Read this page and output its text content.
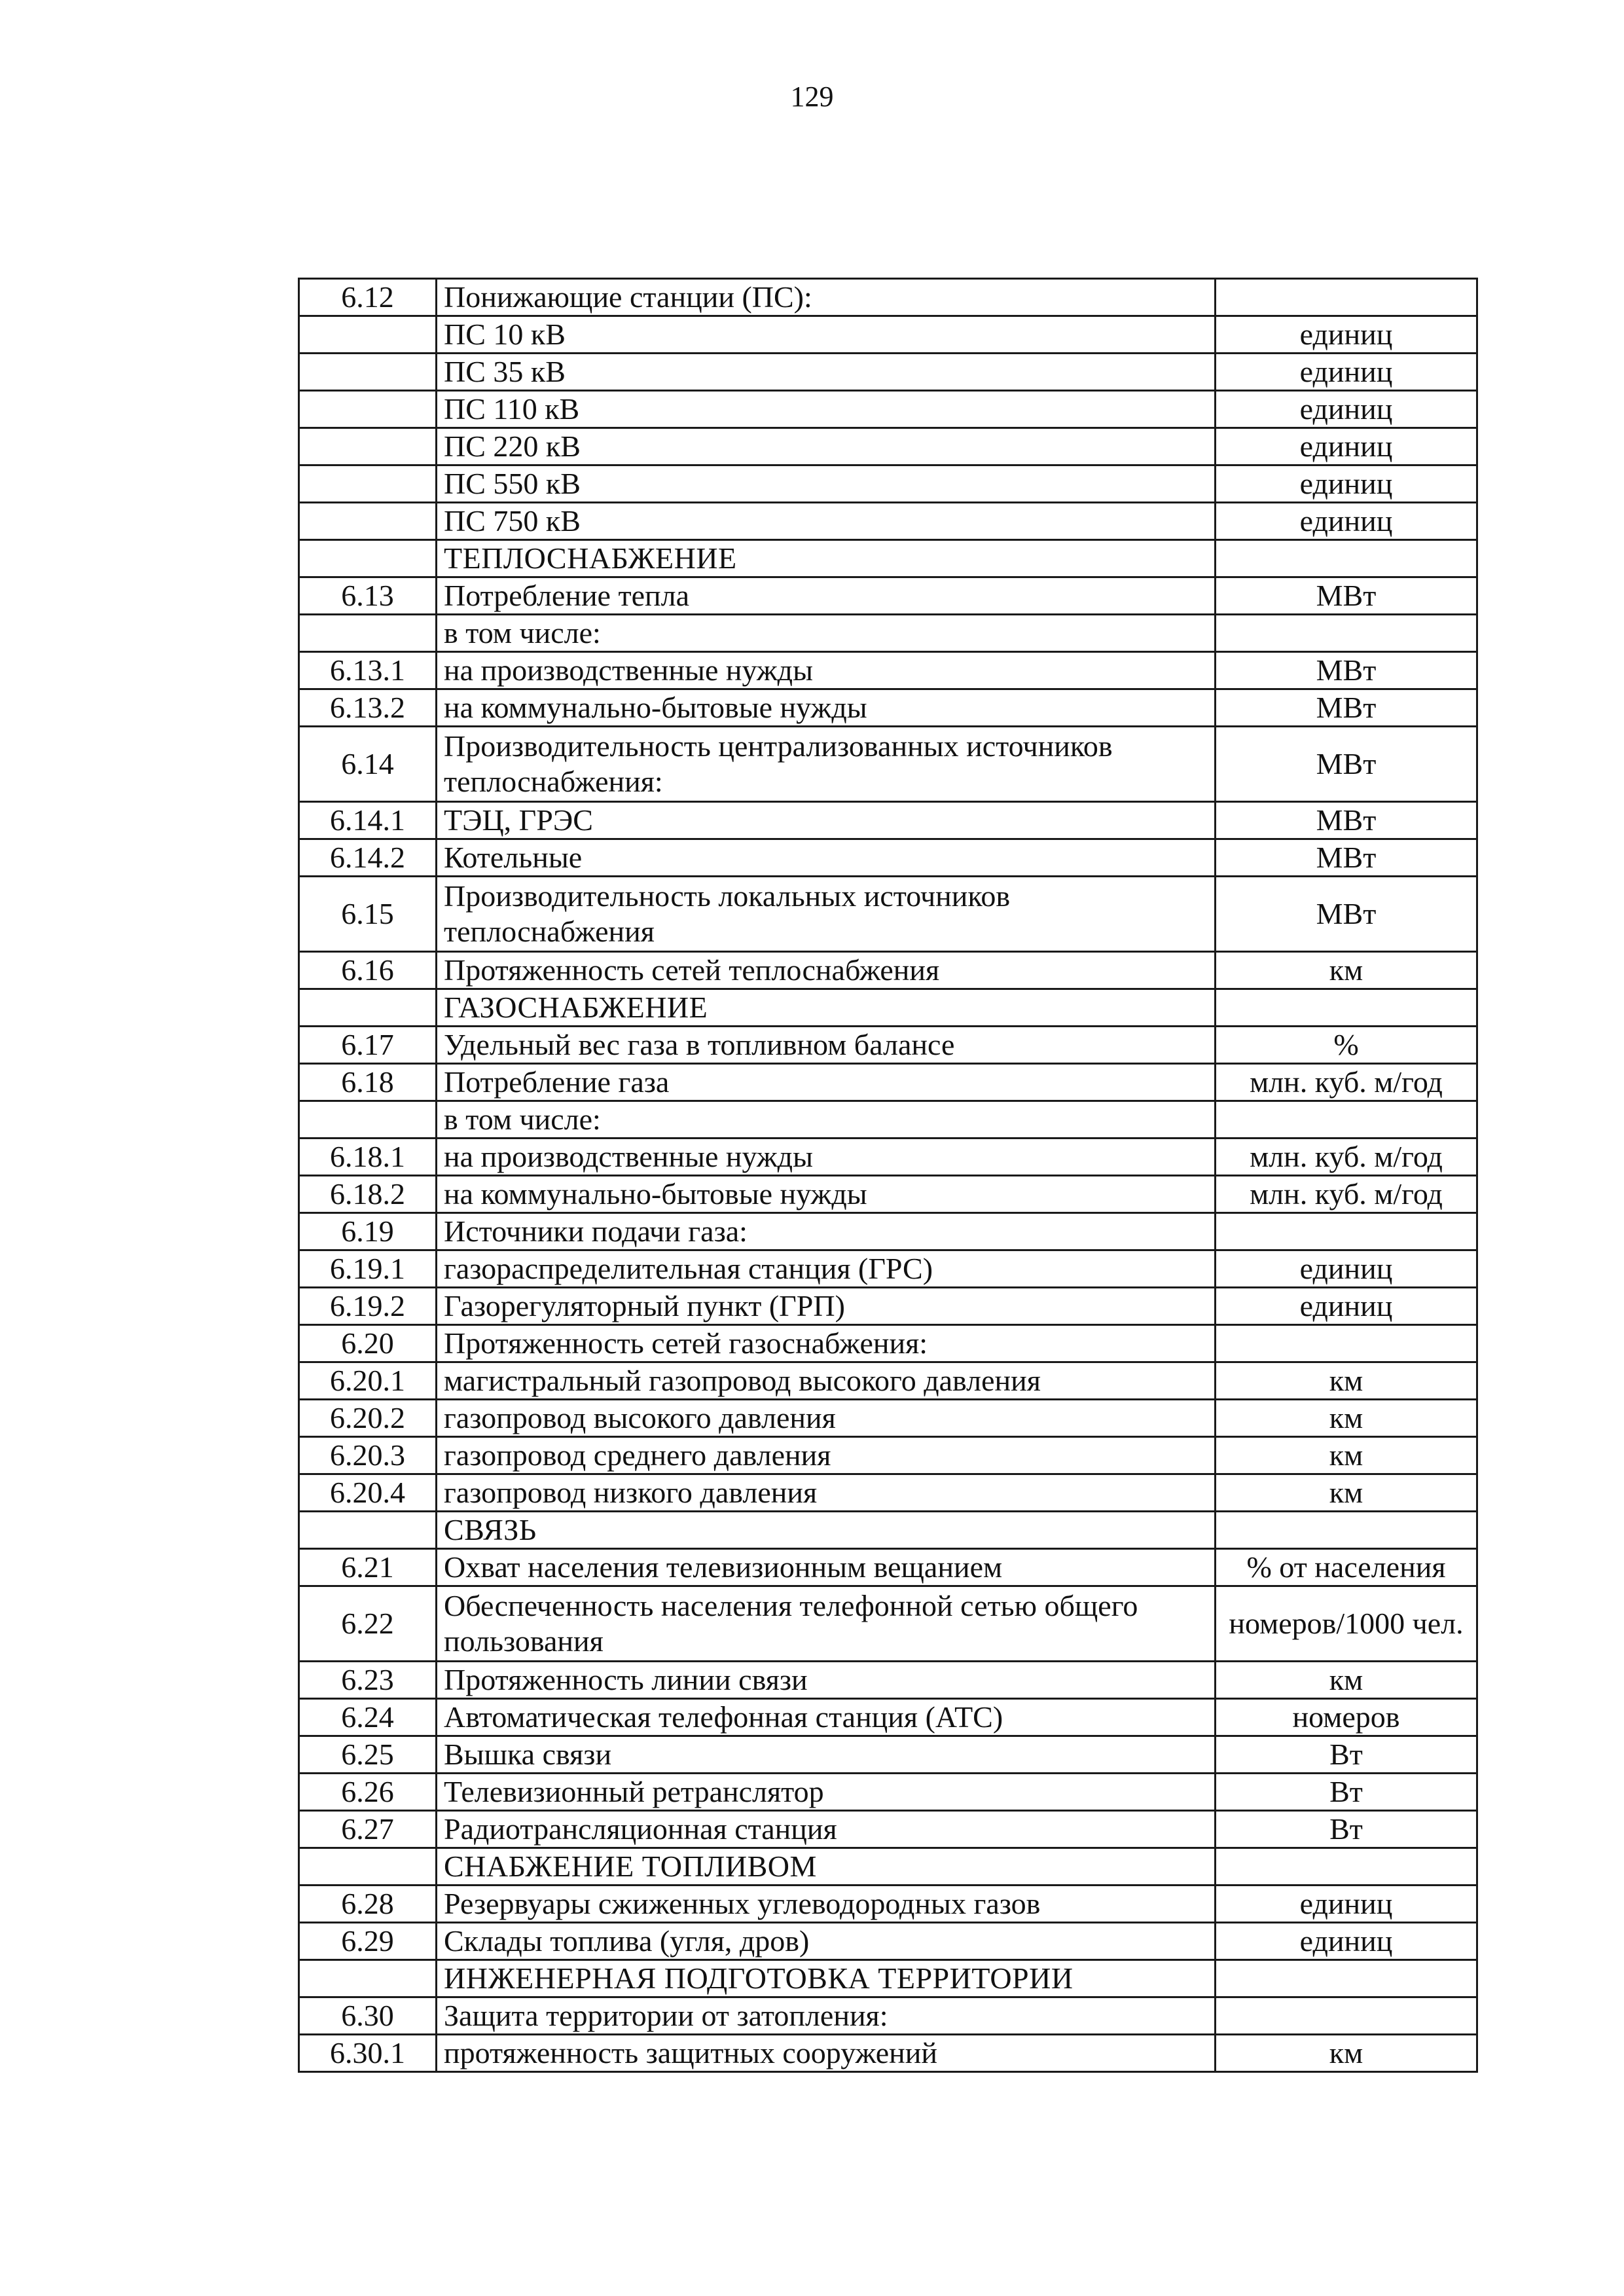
129
6.12	Понижающие станции (ПС):	
	ПС 10 кВ	единиц
	ПС 35 кВ	единиц
	ПС 110 кВ	единиц
	ПС 220 кВ	единиц
	ПС 550 кВ	единиц
	ПС 750 кВ	единиц
	ТЕПЛОСНАБЖЕНИЕ	
6.13	Потребление тепла	МВт
	в том числе:	
6.13.1	на производственные нужды	МВт
6.13.2	на коммунально-бытовые нужды	МВт
6.14	Производительность централизованных источников теплоснабжения:	МВт
6.14.1	ТЭЦ, ГРЭС	МВт
6.14.2	Котельные	МВт
6.15	Производительность локальных источников теплоснабжения	МВт
6.16	Протяженность сетей теплоснабжения	км
	ГАЗОСНАБЖЕНИЕ	
6.17	Удельный вес газа в топливном балансе	%
6.18	Потребление газа	млн. куб. м/год
	в том числе:	
6.18.1	на производственные нужды	млн. куб. м/год
6.18.2	на коммунально-бытовые нужды	млн. куб. м/год
6.19	Источники подачи газа:	
6.19.1	газораспределительная станция (ГРС)	единиц
6.19.2	Газорегуляторный пункт (ГРП)	единиц
6.20	Протяженность сетей газоснабжения:	
6.20.1	магистральный газопровод высокого давления	км
6.20.2	газопровод высокого давления	км
6.20.3	газопровод среднего давления	км
6.20.4	газопровод низкого давления	км
	СВЯЗЬ	
6.21	Охват населения телевизионным вещанием	% от населения
6.22	Обеспеченность населения телефонной сетью общего пользования	номеров/1000 чел.
6.23	Протяженность линии связи	км
6.24	Автоматическая телефонная станция (АТС)	номеров
6.25	Вышка связи	Вт
6.26	Телевизионный ретранслятор	Вт
6.27	Радиотрансляционная станция	Вт
	СНАБЖЕНИЕ ТОПЛИВОМ	
6.28	Резервуары сжиженных углеводородных газов	единиц
6.29	Склады топлива (угля, дров)	единиц
	ИНЖЕНЕРНАЯ ПОДГОТОВКА ТЕРРИТОРИИ	
6.30	Защита территории от затопления:	
6.30.1	протяженность защитных сооружений	км
